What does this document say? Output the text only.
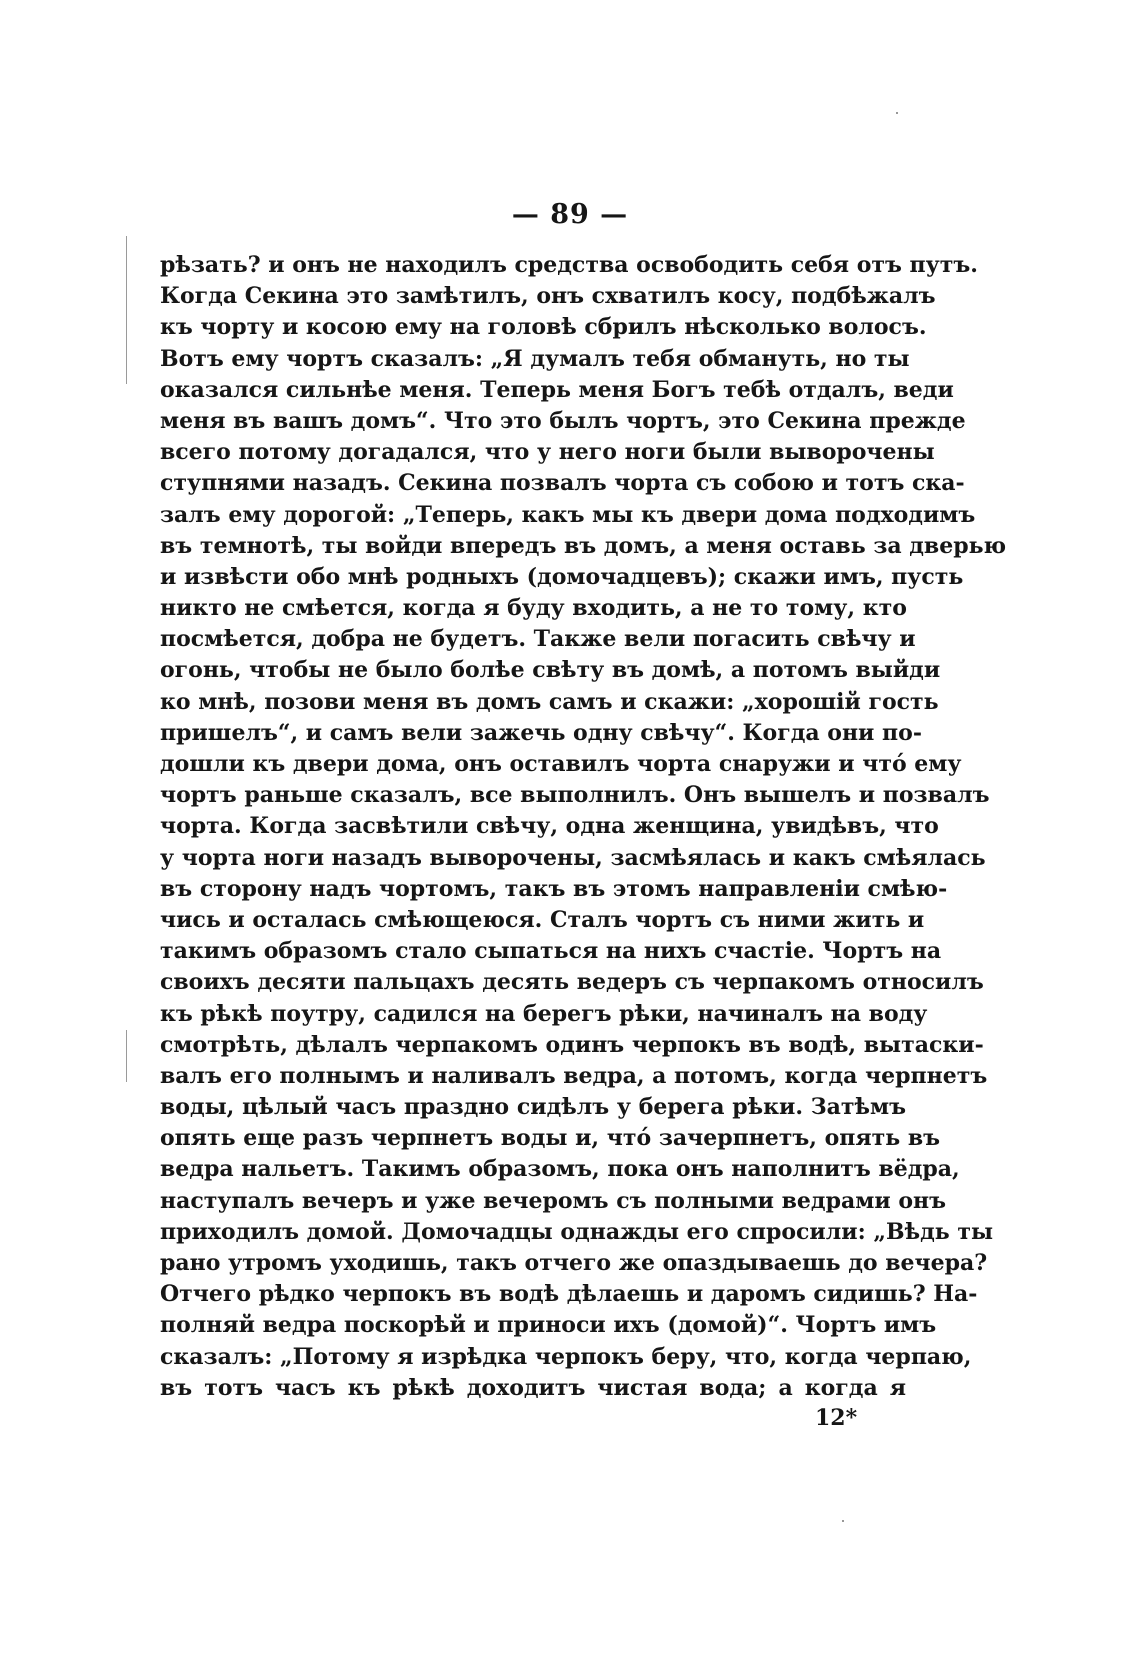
— 89 —
рѣзать? и онъ не находилъ средства освободить себя отъ путъ.
Когда Секина это замѣтилъ, онъ схватилъ косу, подбѣжалъ
къ чорту и косою ему на головѣ сбрилъ нѣсколько волосъ.
Вотъ ему чортъ сказалъ: „Я думалъ тебя обмануть, но ты
оказался сильнѣе меня. Теперь меня Богъ тебѣ отдалъ, веди
меня въ вашъ домъ“. Что это былъ чортъ, это Секина прежде
всего потому догадался, что у него ноги были выворочены
ступнями назадъ. Секина позвалъ чорта съ собою и тотъ ска-
залъ ему дорогой: „Теперь, какъ мы къ двери дома подходимъ
въ темнотѣ, ты войди впередъ въ домъ, а меня оставь за дверью
и извѣсти обо мнѣ родныхъ (домочадцевъ); скажи имъ, пусть
никто не смѣется, когда я буду входить, а не то тому, кто
посмѣется, добра не будетъ. Также вели погасить свѣчу и
огонь, чтобы не было болѣе свѣту въ домѣ, а потомъ выйди
ко мнѣ, позови меня въ домъ самъ и скажи: „хорошій гость
пришелъ“, и самъ вели зажечь одну свѣчу“. Когда они по-
дошли къ двери дома, онъ оставилъ чорта снаружи и что́ ему
чортъ раньше сказалъ, все выполнилъ. Онъ вышелъ и позвалъ
чорта. Когда засвѣтили свѣчу, одна женщина, увидѣвъ, что
у чорта ноги назадъ выворочены, засмѣялась и какъ смѣялась
въ сторону надъ чортомъ, такъ въ этомъ направленіи смѣю-
чись и осталась смѣющеюся. Сталъ чортъ съ ними жить и
такимъ образомъ стало сыпаться на нихъ счастіе. Чортъ на
своихъ десяти пальцахъ десять ведеръ съ черпакомъ относилъ
къ рѣкѣ поутру, садился на берегъ рѣки, начиналъ на воду
смотрѣть, дѣлалъ черпакомъ одинъ черпокъ въ водѣ, вытаски-
валъ его полнымъ и наливалъ ведра, а потомъ, когда черпнетъ
воды, цѣлый часъ праздно сидѣлъ у берега рѣки. Затѣмъ
опять еще разъ черпнетъ воды и, что́ зачерпнетъ, опять въ
ведра нальетъ. Такимъ образомъ, пока онъ наполнитъ вёдра,
наступалъ вечеръ и уже вечеромъ съ полными ведрами онъ
приходилъ домой. Домочадцы однажды его спросили: „Вѣдь ты
рано утромъ уходишь, такъ отчего же опаздываешь до вечера?
Отчего рѣдко черпокъ въ водѣ дѣлаешь и даромъ сидишь? На-
полняй ведра поскорѣй и приноси ихъ (домой)“. Чортъ имъ
сказалъ: „Потому я изрѣдка черпокъ беру, что, когда черпаю,
въ тотъ часъ къ рѣкѣ доходитъ чистая вода; а когда я
12*
